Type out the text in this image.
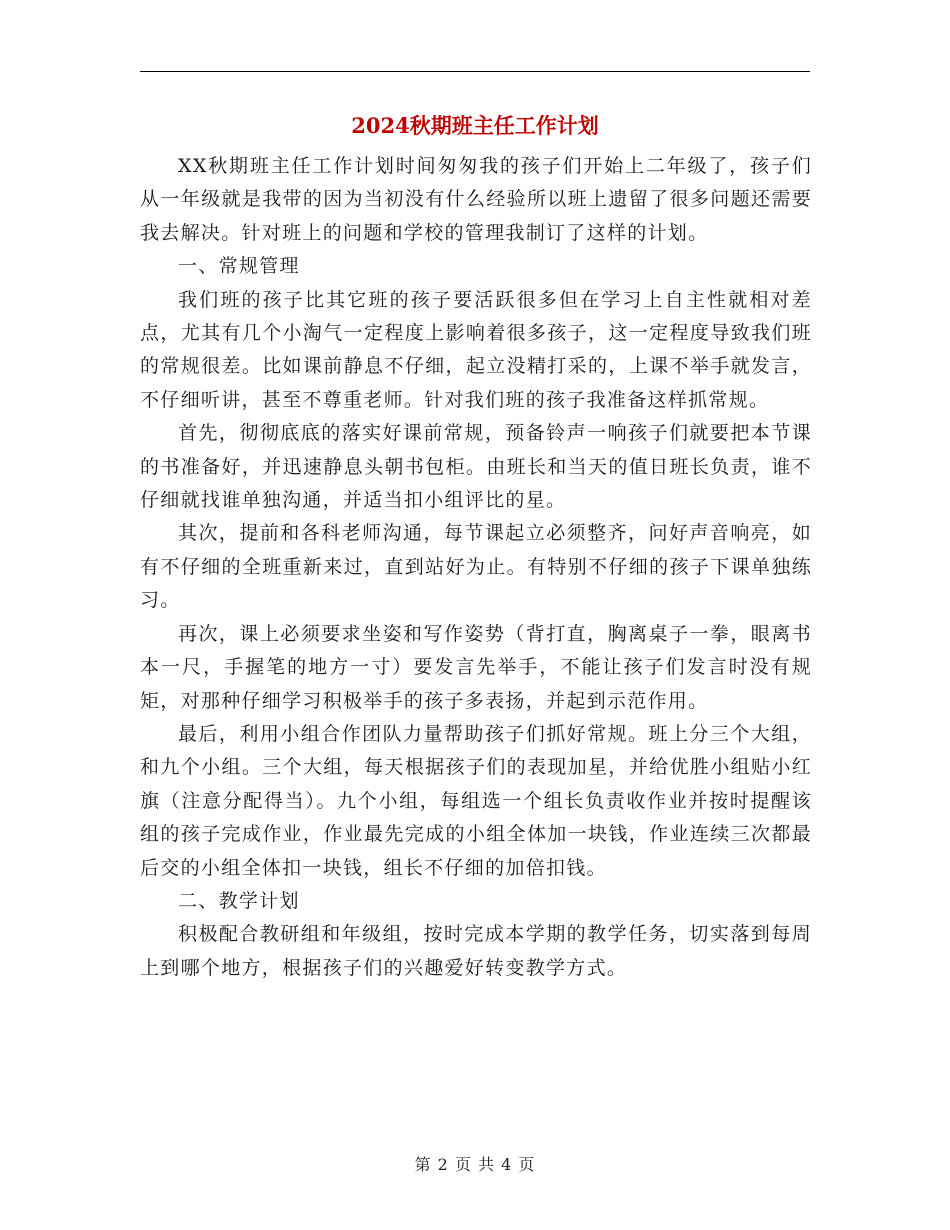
2024秋期班主任工作计划

XX秋期班主任工作计划时间匆匆我的孩子们开始上二年级了，孩子们从一年级就是我带的因为当初没有什么经验所以班上遗留了很多问题还需要我去解决。针对班上的问题和学校的管理我制订了这样的计划。

一、常规管理

我们班的孩子比其它班的孩子要活跃很多但在学习上自主性就相对差点，尤其有几个小淘气一定程度上影响着很多孩子，这一定程度导致我们班的常规很差。比如课前静息不仔细，起立没精打采的，上课不举手就发言，不仔细听讲，甚至不尊重老师。针对我们班的孩子我准备这样抓常规。

首先，彻彻底底的落实好课前常规，预备铃声一响孩子们就要把本节课的书准备好，并迅速静息头朝书包柜。由班长和当天的值日班长负责，谁不仔细就找谁单独沟通，并适当扣小组评比的星。

其次，提前和各科老师沟通，每节课起立必须整齐，问好声音响亮，如有不仔细的全班重新来过，直到站好为止。有特别不仔细的孩子下课单独练习。

再次，课上必须要求坐姿和写作姿势（背打直，胸离桌子一拳，眼离书本一尺，手握笔的地方一寸）要发言先举手，不能让孩子们发言时没有规矩，对那种仔细学习积极举手的孩子多表扬，并起到示范作用。

最后，利用小组合作团队力量帮助孩子们抓好常规。班上分三个大组，和九个小组。三个大组，每天根据孩子们的表现加星，并给优胜小组贴小红旗（注意分配得当）。九个小组，每组选一个组长负责收作业并按时提醒该组的孩子完成作业，作业最先完成的小组全体加一块钱，作业连续三次都最后交的小组全体扣一块钱，组长不仔细的加倍扣钱。

二、教学计划

积极配合教研组和年级组，按时完成本学期的教学任务，切实落到每周上到哪个地方，根据孩子们的兴趣爱好转变教学方式。

第 2 页 共 4 页
